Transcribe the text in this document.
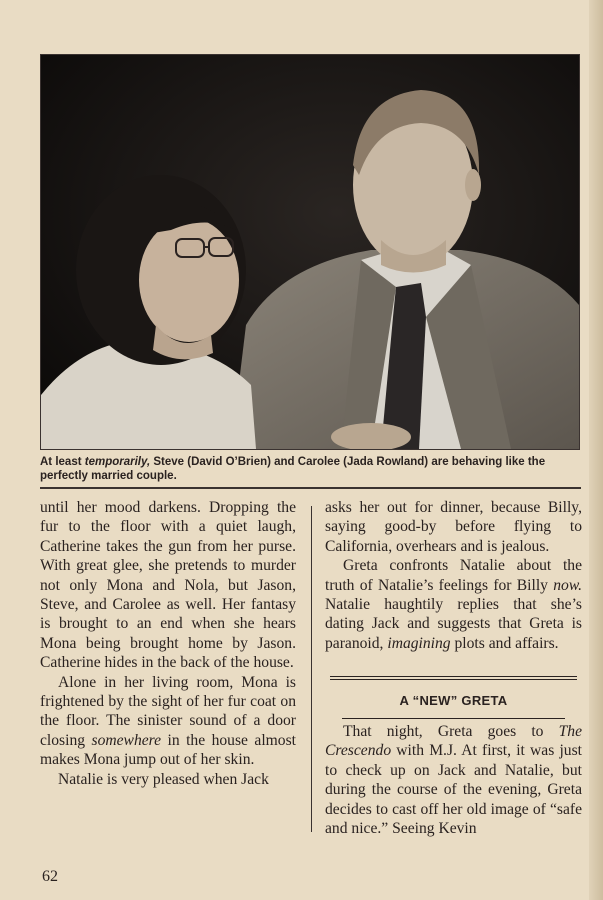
At least temporarily, Steve (David O’Brien) and Carolee (Jada Rowland) are behaving like the perfectly married couple.

until her mood darkens. Dropping the fur to the floor with a quiet laugh, Catherine takes the gun from her purse. With great glee, she pretends to murder not only Mona and Nola, but Jason, Steve, and Carolee as well. Her fantasy is brought to an end when she hears Mona being brought home by Jason. Catherine hides in the back of the house.

Alone in her living room, Mona is frightened by the sight of her fur coat on the floor. The sinister sound of a door closing somewhere in the house almost makes Mona jump out of her skin.

Natalie is very pleased when Jack

asks her out for dinner, because Billy, saying good-by before flying to California, overhears and is jealous.

Greta confronts Natalie about the truth of Natalie’s feelings for Billy now. Natalie haughtily replies that she’s dating Jack and suggests that Greta is paranoid, imagining plots and affairs.

A “NEW” GRETA

That night, Greta goes to The Crescendo with M.J. At first, it was just to check up on Jack and Natalie, but during the course of the evening, Greta decides to cast off her old image of “safe and nice.” Seeing Kevin

62
